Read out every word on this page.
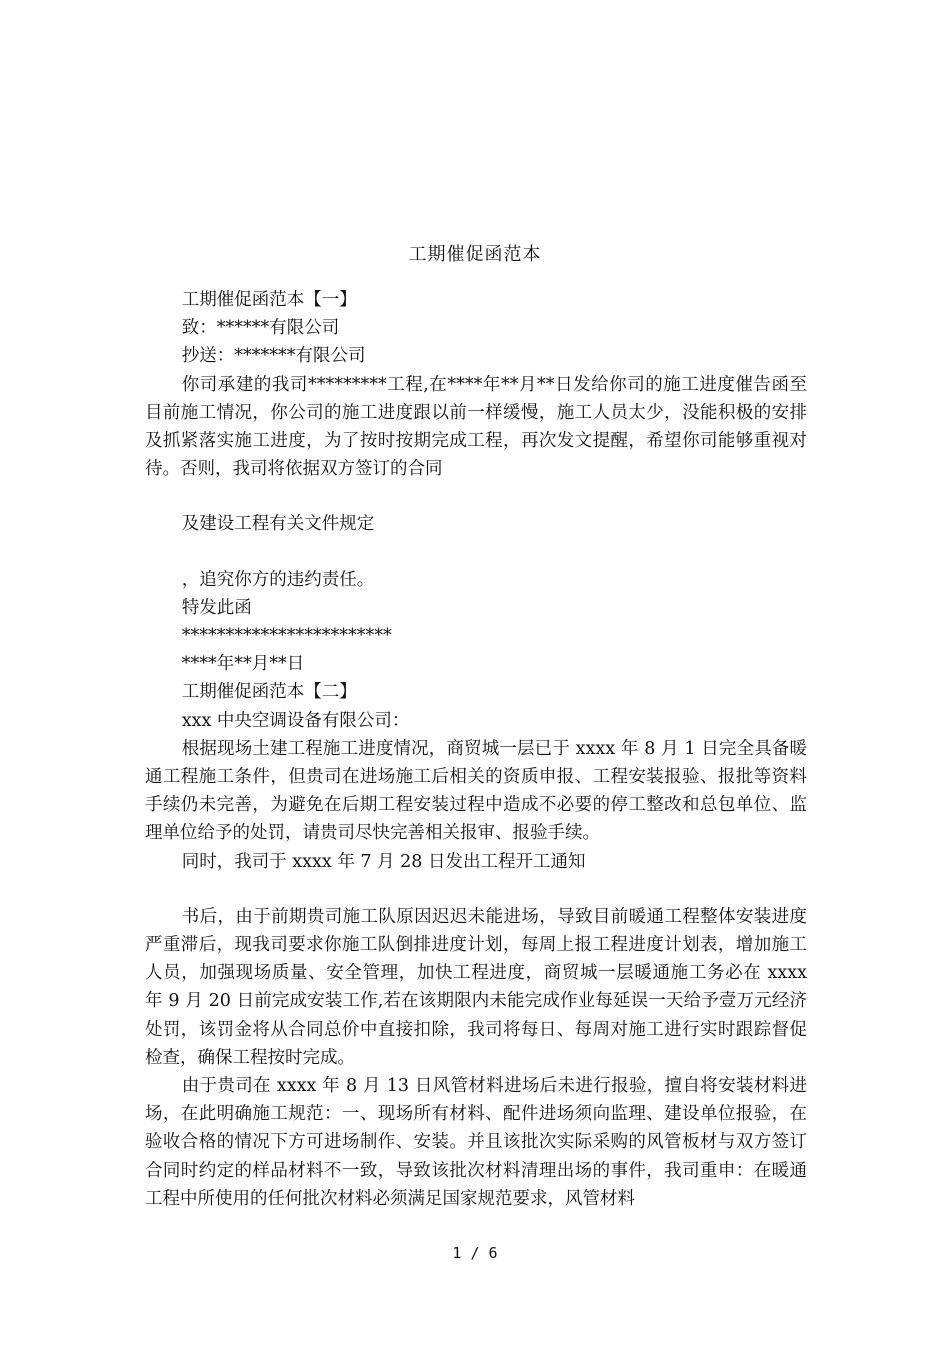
工期催促函范本

工期催促函范本【一】

致：******有限公司

抄送：*******有限公司

你司承建的我司*********工程,在****年**月**日发给你司的施工进度催告函至目前施工情况，你公司的施工进度跟以前一样缓慢，施工人员太少，没能积极的安排及抓紧落实施工进度，为了按时按期完成工程，再次发文提醒，希望你司能够重视对待。否则，我司将依据双方签订的合同

及建设工程有关文件规定

，追究你方的违约责任。

特发此函

************************

****年**月**日

工期催促函范本【二】

xxx 中央空调设备有限公司：

根据现场土建工程施工进度情况，商贸城一层已于 xxxx 年 8 月 1 日完全具备暖通工程施工条件，但贵司在进场施工后相关的资质申报、工程安装报验、报批等资料手续仍未完善，为避免在后期工程安装过程中造成不必要的停工整改和总包单位、监理单位给予的处罚，请贵司尽快完善相关报审、报验手续。

同时，我司于 xxxx 年 7 月 28 日发出工程开工通知

书后，由于前期贵司施工队原因迟迟未能进场，导致目前暖通工程整体安装进度严重滞后，现我司要求你施工队倒排进度计划，每周上报工程进度计划表，增加施工人员，加强现场质量、安全管理，加快工程进度，商贸城一层暖通施工务必在 xxxx 年 9 月 20 日前完成安装工作,若在该期限内未能完成作业每延误一天给予壹万元经济处罚，该罚金将从合同总价中直接扣除，我司将每日、每周对施工进行实时跟踪督促检查，确保工程按时完成。

由于贵司在 xxxx 年 8 月 13 日风管材料进场后未进行报验，擅自将安装材料进场，在此明确施工规范：一、现场所有材料、配件进场须向监理、建设单位报验，在验收合格的情况下方可进场制作、安装。并且该批次实际采购的风管板材与双方签订合同时约定的样品材料不一致，导致该批次材料清理出场的事件，我司重申：在暖通工程中所使用的任何批次材料必须满足国家规范要求，风管材料

1 / 6
